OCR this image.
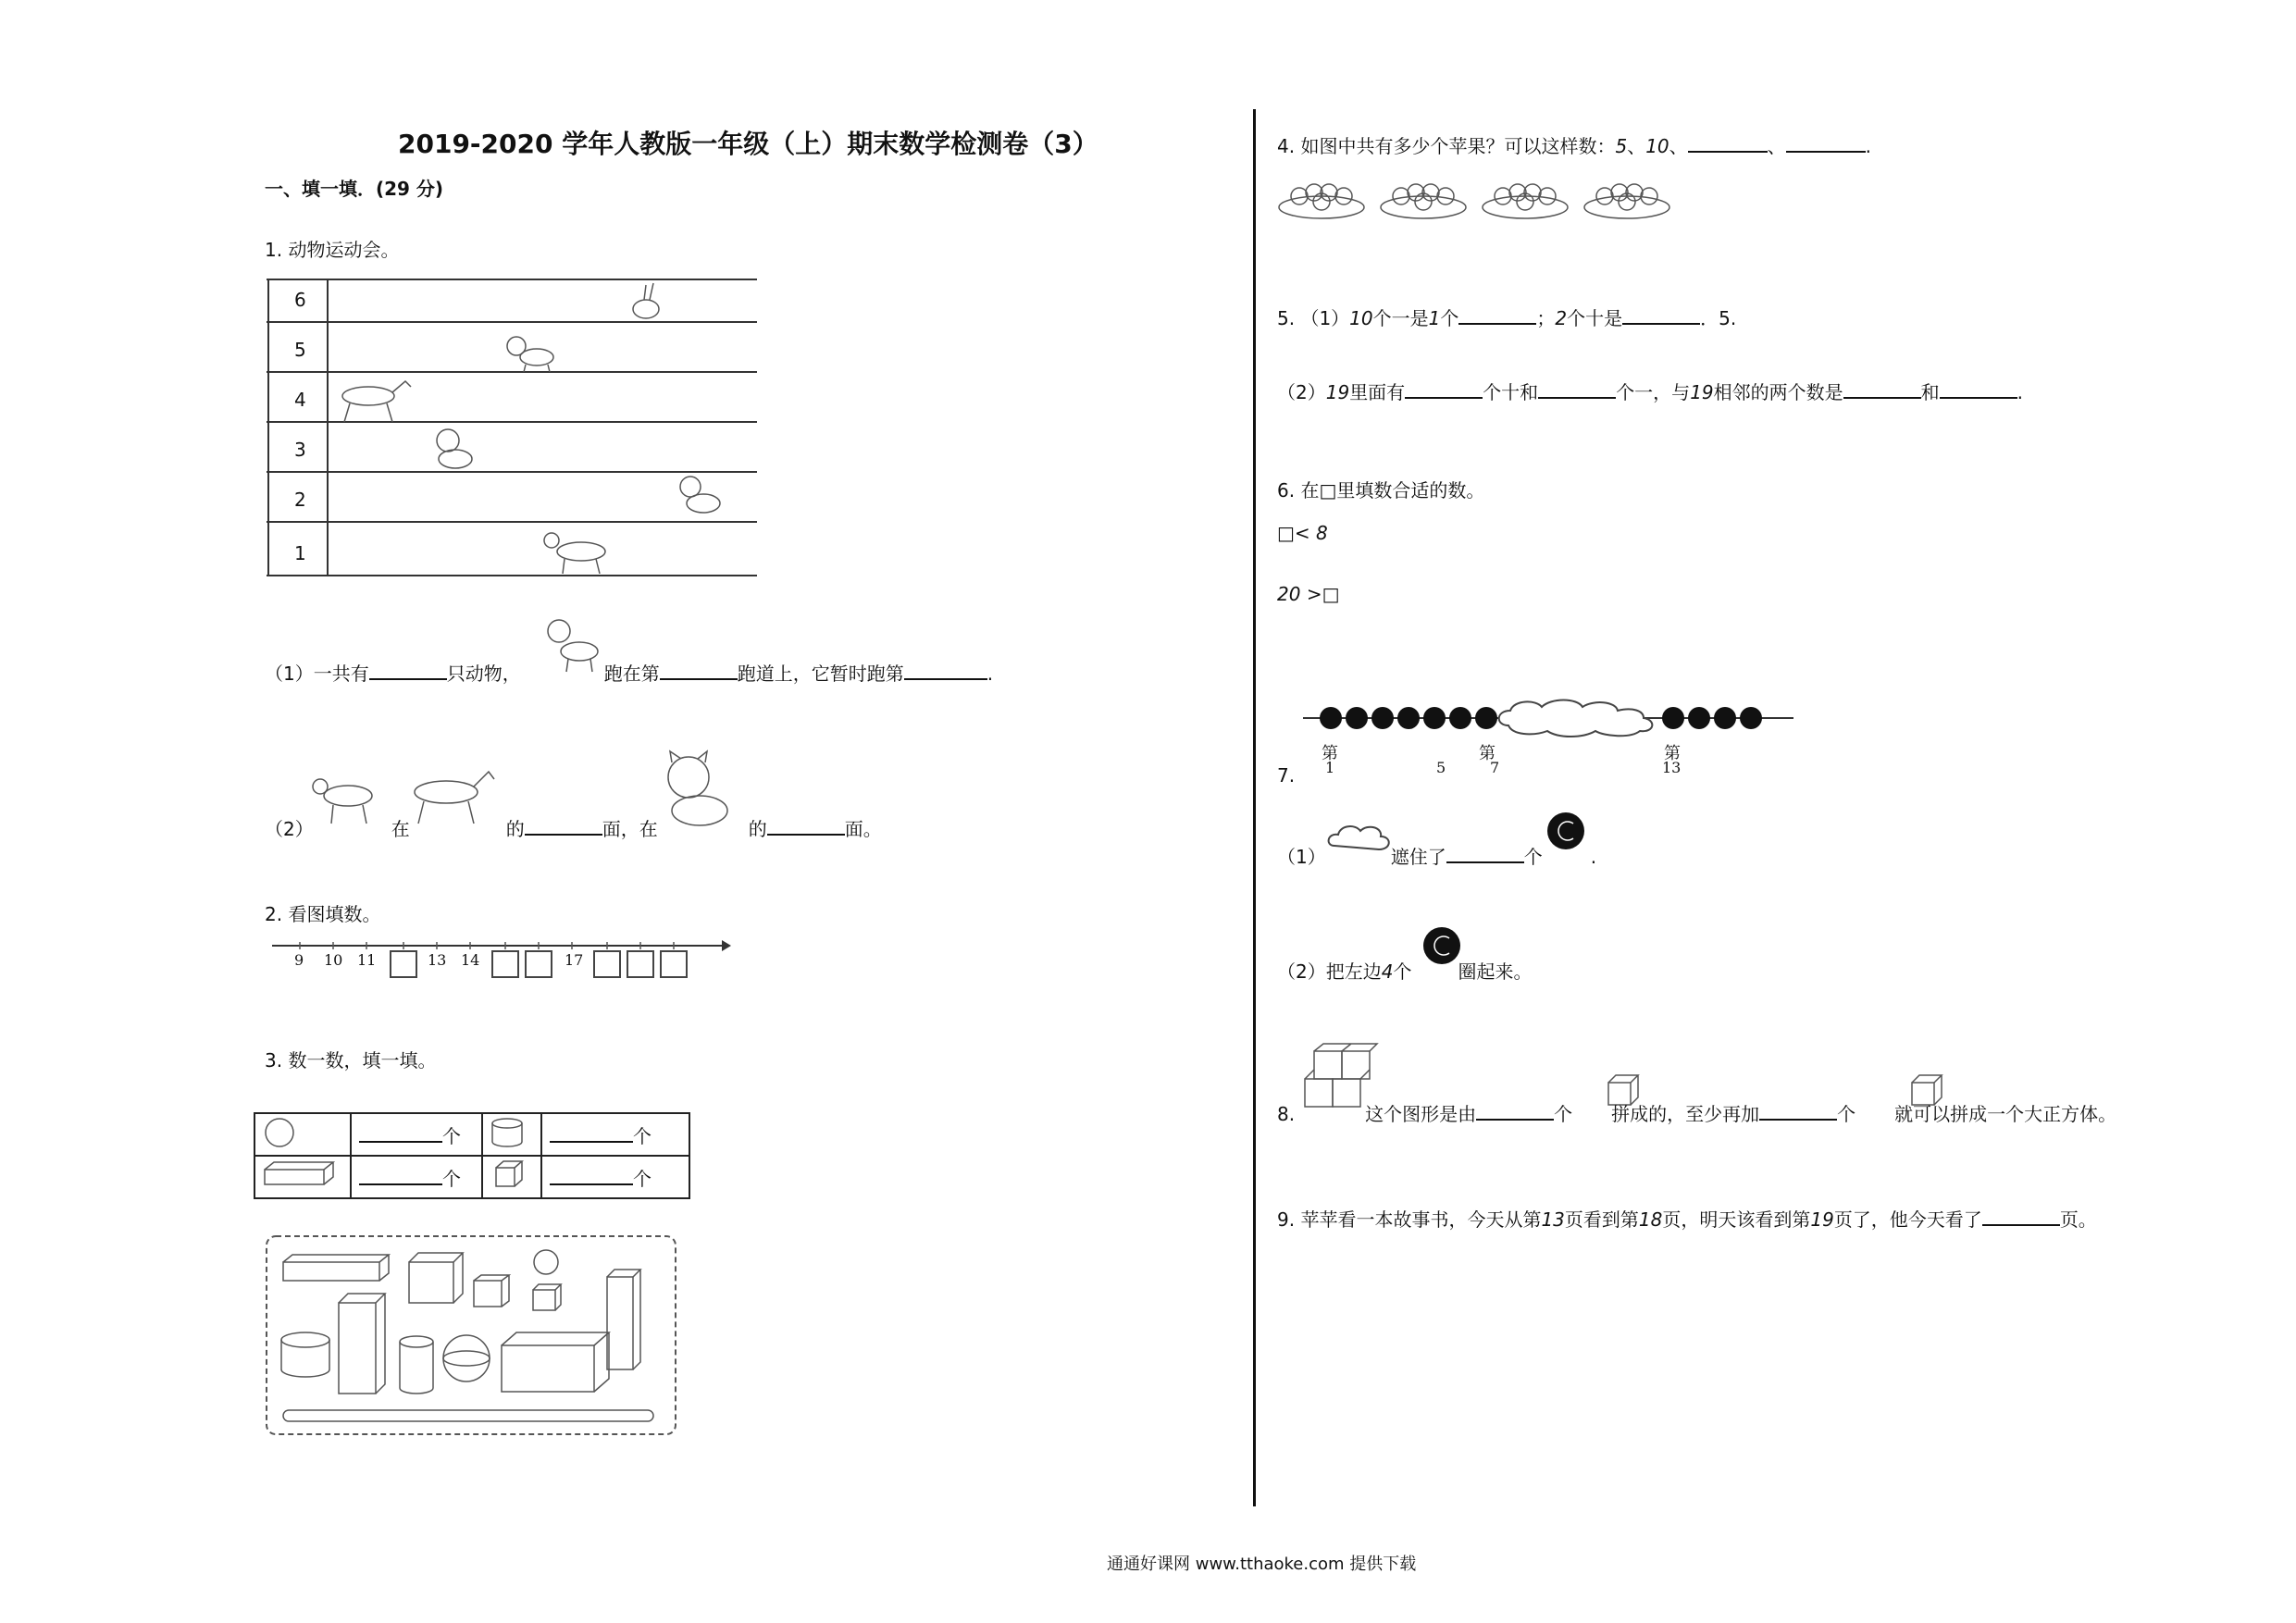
2019-2020 学年人教版一年级（上）期末数学检测卷（3）
一、填一填．(29 分)
1. 动物运动会。
6
5
4
3
2
1
（1）一共有	只动物，	跑在第	跑道上，它暂时跑第	.
（2）	在	的	面，在	的	面。
2. 看图填数。
9 10 11	13 14	17
3. 数一数，填一填。
	个		个
	个		个
4. 如图中共有多少个苹果？可以这样数：5、10、	、	.
5. （1）10个一是1个	；2个十是	．5.
（2）19里面有	个十和	个一，与19相邻的两个数是	和	.
6. 在□里填数合适的数。
□< 8
20 >□
第	第	第
1	5	7	13
7.
（1）	遮住了	个	.
（2）把左边4个	圈起来。
8.	这个图形是由	个 拼成的，至少再加	个 就可以拼成一个大正方体。
9. 苹苹看一本故事书，今天从第13页看到第18页，明天该看到第19页了，他今天看了	页。
通通好课网 www.tthaoke.com 提供下载
